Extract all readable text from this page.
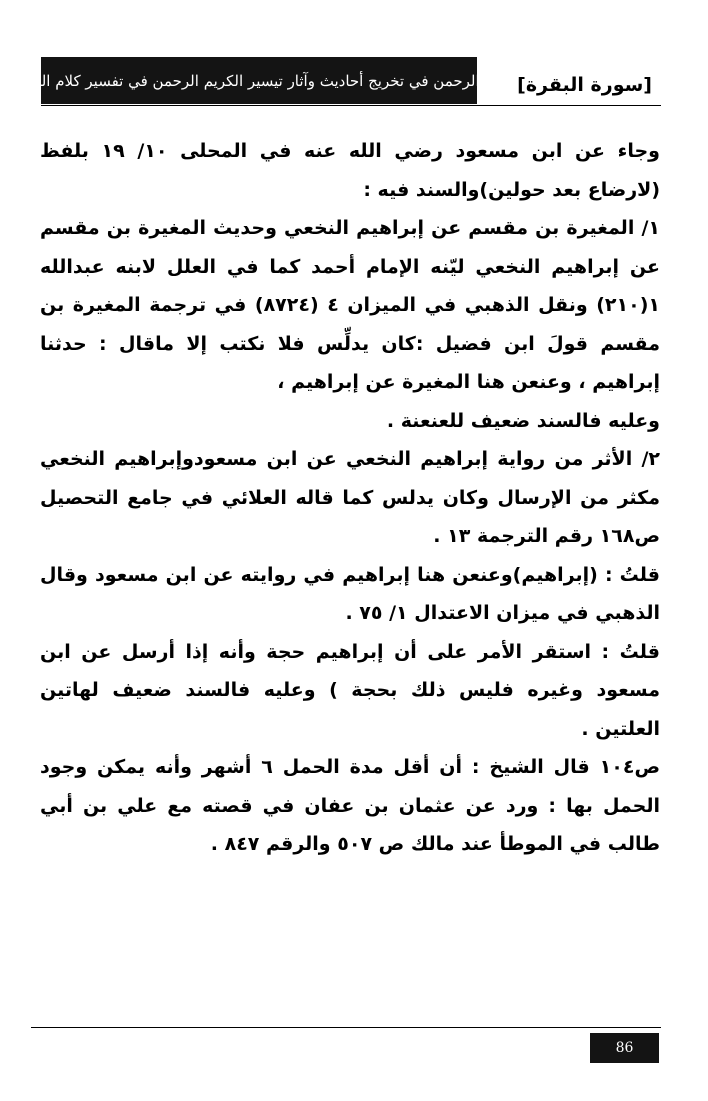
منة الرحمن في تخريج أحاديث وآثار تيسير الكريم الرحمن في تفسير كلام المنان [سورة البقرة]

وجاء عن ابن مسعود رضي الله عنه في المحلى ١٠/ ١٩ بلفظ (لارضاع بعد حولين)والسند فيه :

١/ المغيرة بن مقسم عن إبراهيم النخعي وحديث المغيرة بن مقسم عن إبراهيم النخعي ليّنه الإمام أحمد كما في العلل لابنه عبدالله ١(٢١٠) ونقل الذهبي في الميزان ٤ (٨٧٢٤) في ترجمة المغيرة بن مقسم قولَ ابن فضيل :كان يدلِّس فلا نكتب إلا ماقال : حدثنا إبراهيم ، وعنعن هنا المغيرة عن إبراهيم ،

وعليه فالسند ضعيف للعنعنة .

٢/ الأثر من رواية إبراهيم النخعي عن ابن مسعودوإبراهيم النخعي مكثر من الإرسال وكان يدلس كما قاله العلائي في جامع التحصيل ص١٦٨ رقم الترجمة ١٣ .

قلتُ : (إبراهيم)وعنعن هنا إبراهيم في روايته عن ابن مسعود وقال الذهبي في ميزان الاعتدال ١/ ٧٥ .

قلتُ : استقر الأمر على أن إبراهيم حجة وأنه إذا أرسل عن ابن مسعود وغيره فليس ذلك بحجة ) وعليه فالسند ضعيف لهاتين العلتين .

ص١٠٤ قال الشيخ : أن أقل مدة الحمل ٦ أشهر وأنه يمكن وجود الحمل بها : ورد عن عثمان بن عفان في قصته مع علي بن أبي طالب في الموطأ عند مالك ص ٥٠٧ والرقم ٨٤٧ .

86
